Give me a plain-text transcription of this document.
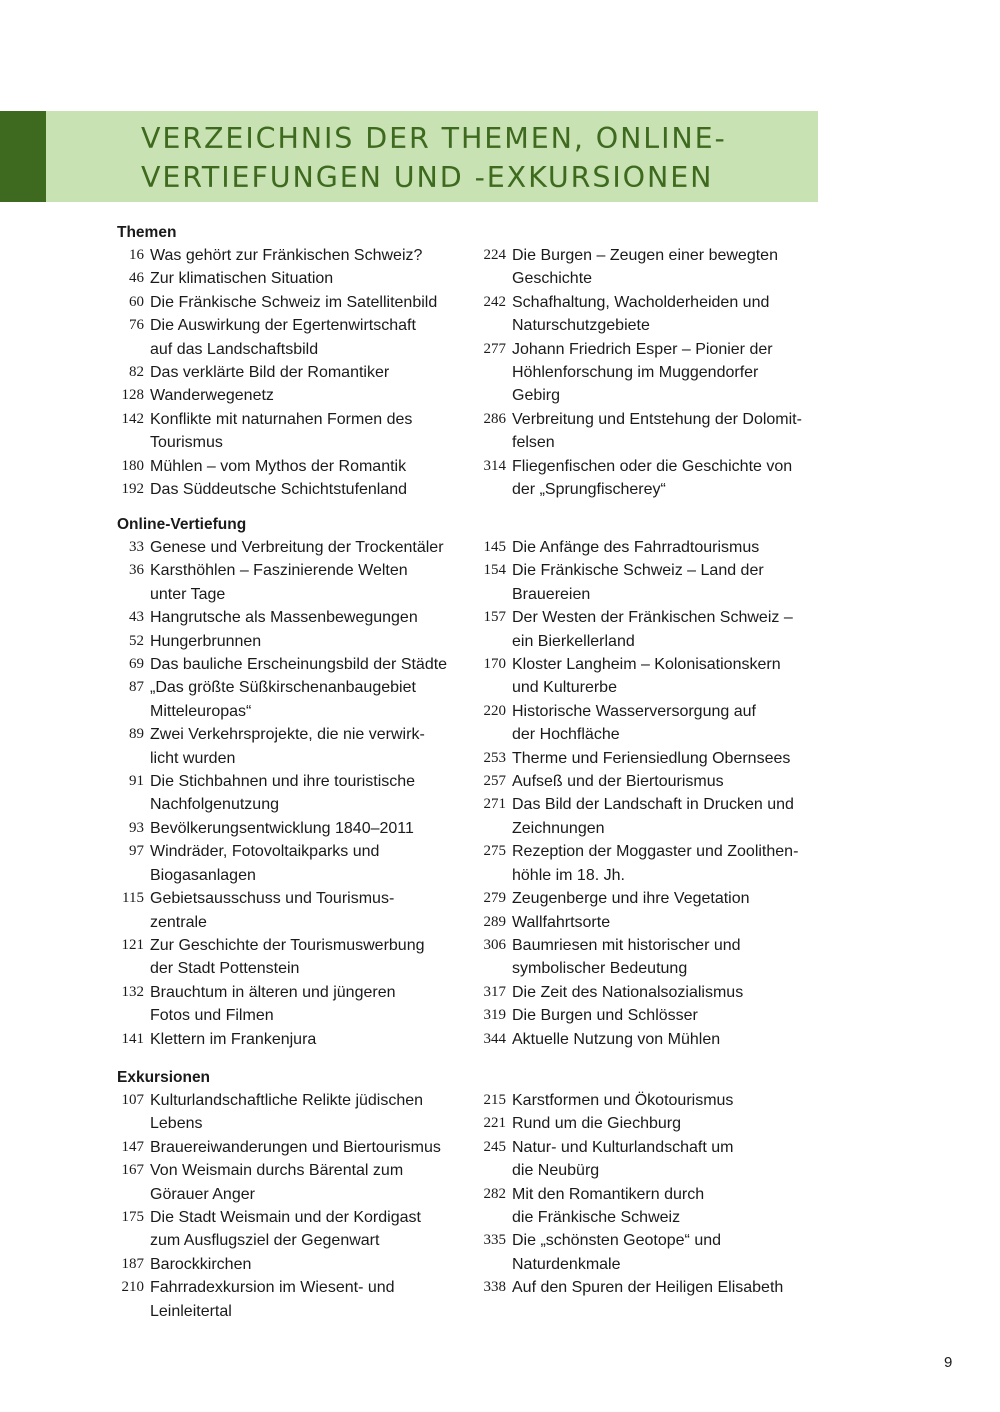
VERZEICHNIS DER THEMEN, ONLINE-
VERTIEFUNGEN UND -EXKURSIONEN
Themen
16 Was gehört zur Fränkischen Schweiz?
46 Zur klimatischen Situation
60 Die Fränkische Schweiz im Satellitenbild
76 Die Auswirkung der Egertenwirtschaft
auf das Landschaftsbild
82 Das verklärte Bild der Romantiker
128 Wanderwegenetz
142 Konflikte mit naturnahen Formen des
Tourismus
180 Mühlen – vom Mythos der Romantik
192 Das Süddeutsche Schichtstufenland
224 Die Burgen – Zeugen einer bewegten
Geschichte
242 Schafhaltung, Wacholderheiden und
Naturschutzgebiete
277 Johann Friedrich Esper – Pionier der
Höhlenforschung im Muggendorfer
Gebirg
286 Verbreitung und Entstehung der Dolomit-
felsen
314 Fliegenfischen oder die Geschichte von
der „Sprungfischerey“
Online-Vertiefung
33 Genese und Verbreitung der Trockentäler
36 Karsthöhlen – Faszinierende Welten
unter Tage
43 Hangrutsche als Massenbewegungen
52 Hungerbrunnen
69 Das bauliche Erscheinungsbild der Städte
87 „Das größte Süßkirschenanbaugebiet
Mitteleuropas“
89 Zwei Verkehrsprojekte, die nie verwirk-
licht wurden
91 Die Stichbahnen und ihre touristische
Nachfolgenutzung
93 Bevölkerungsentwicklung 1840–2011
97 Windräder, Fotovoltaikparks und
Biogasanlagen
115 Gebietsausschuss und Tourismus-
zentrale
121 Zur Geschichte der Tourismuswerbung
der Stadt Pottenstein
132 Brauchtum in älteren und jüngeren
Fotos und Filmen
141 Klettern im Frankenjura
145 Die Anfänge des Fahrradtourismus
154 Die Fränkische Schweiz – Land der
Brauereien
157 Der Westen der Fränkischen Schweiz –
ein Bierkellerland
170 Kloster Langheim – Kolonisationskern
und Kulturerbe
220 Historische Wasserversorgung auf
der Hochfläche
253 Therme und Feriensiedlung Obernsees
257 Aufseß und der Biertourismus
271 Das Bild der Landschaft in Drucken und
Zeichnungen
275 Rezeption der Moggaster und Zoolithen-
höhle im 18. Jh.
279 Zeugenberge und ihre Vegetation
289 Wallfahrtsorte
306 Baumriesen mit historischer und
symbolischer Bedeutung
317 Die Zeit des Nationalsozialismus
319 Die Burgen und Schlösser
344 Aktuelle Nutzung von Mühlen
Exkursionen
107 Kulturlandschaftliche Relikte jüdischen
Lebens
147 Brauereiwanderungen und Biertourismus
167 Von Weismain durchs Bärental zum
Görauer Anger
175 Die Stadt Weismain und der Kordigast
zum Ausflugsziel der Gegenwart
187 Barockkirchen
210 Fahrradexkursion im Wiesent- und
Leinleitertal
215 Karstformen und Ökotourismus
221 Rund um die Giechburg
245 Natur- und Kulturlandschaft um
die Neubürg
282 Mit den Romantikern durch
die Fränkische Schweiz
335 Die „schönsten Geotope“ und
Naturdenkmale
338 Auf den Spuren der Heiligen Elisabeth
9
